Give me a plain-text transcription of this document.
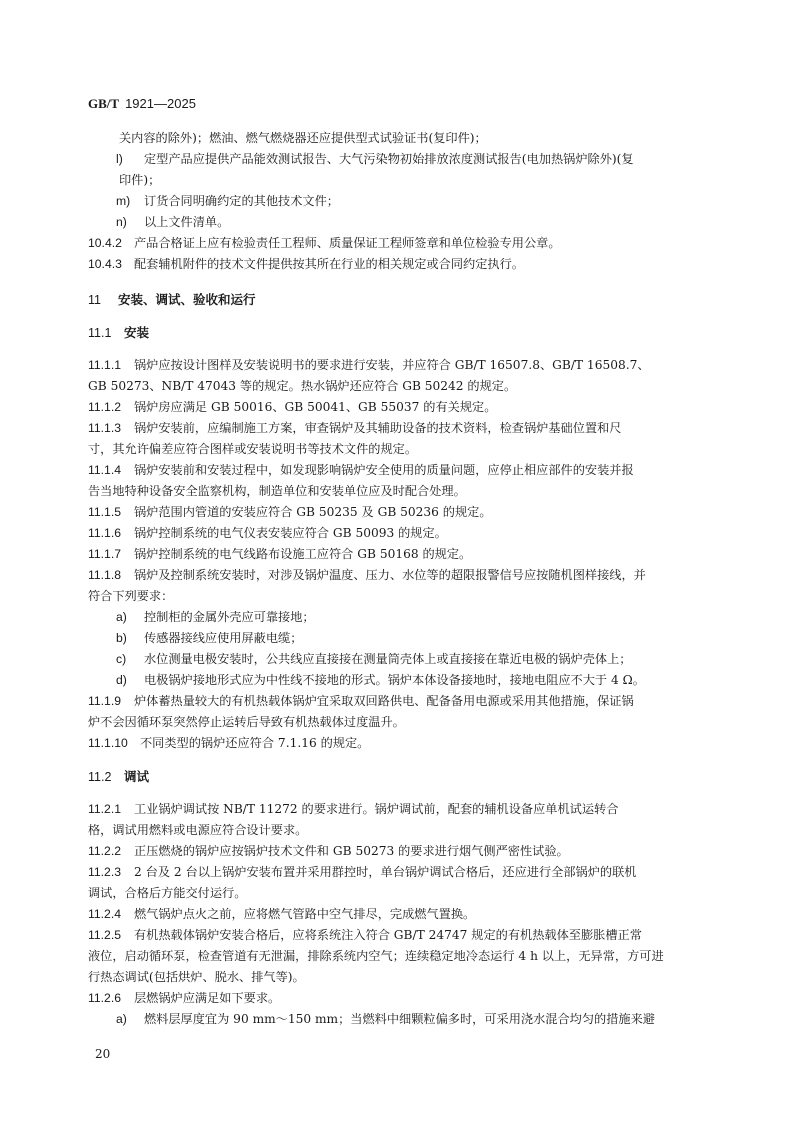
GB/T 1921—2025
关内容的除外)；燃油、燃气燃烧器还应提供型式试验证书(复印件)；
l) 定型产品应提供产品能效测试报告、大气污染物初始排放浓度测试报告(电加热锅炉除外)(复
印件)；
m) 订货合同明确约定的其他技术文件；
n) 以上文件清单。
10.4.2 产品合格证上应有检验责任工程师、质量保证工程师签章和单位检验专用公章。
10.4.3 配套辅机附件的技术文件提供按其所在行业的相关规定或合同约定执行。
11 安装、调试、验收和运行
11.1 安装
11.1.1 锅炉应按设计图样及安装说明书的要求进行安装，并应符合 GB/T 16507.8、GB/T 16508.7、
GB 50273、NB/T 47043 等的规定。热水锅炉还应符合 GB 50242 的规定。
11.1.2 锅炉房应满足 GB 50016、GB 50041、GB 55037 的有关规定。
11.1.3 锅炉安装前，应编制施工方案，审查锅炉及其辅助设备的技术资料，检查锅炉基础位置和尺
寸，其允许偏差应符合图样或安装说明书等技术文件的规定。
11.1.4 锅炉安装前和安装过程中，如发现影响锅炉安全使用的质量问题，应停止相应部件的安装并报
告当地特种设备安全监察机构，制造单位和安装单位应及时配合处理。
11.1.5 锅炉范围内管道的安装应符合 GB 50235 及 GB 50236 的规定。
11.1.6 锅炉控制系统的电气仪表安装应符合 GB 50093 的规定。
11.1.7 锅炉控制系统的电气线路布设施工应符合 GB 50168 的规定。
11.1.8 锅炉及控制系统安装时，对涉及锅炉温度、压力、水位等的超限报警信号应按随机图样接线，并
符合下列要求：
a) 控制柜的金属外壳应可靠接地；
b) 传感器接线应使用屏蔽电缆；
c) 水位测量电极安装时，公共线应直接接在测量筒壳体上或直接接在靠近电极的锅炉壳体上；
d) 电极锅炉接地形式应为中性线不接地的形式。锅炉本体设备接地时，接地电阻应不大于 4 Ω。
11.1.9 炉体蓄热量较大的有机热载体锅炉宜采取双回路供电、配备备用电源或采用其他措施，保证锅
炉不会因循环泵突然停止运转后导致有机热载体过度温升。
11.1.10 不同类型的锅炉还应符合 7.1.16 的规定。
11.2 调试
11.2.1 工业锅炉调试按 NB/T 11272 的要求进行。锅炉调试前，配套的辅机设备应单机试运转合
格，调试用燃料或电源应符合设计要求。
11.2.2 正压燃烧的锅炉应按锅炉技术文件和 GB 50273 的要求进行烟气侧严密性试验。
11.2.3 2 台及 2 台以上锅炉安装布置并采用群控时，单台锅炉调试合格后，还应进行全部锅炉的联机
调试，合格后方能交付运行。
11.2.4 燃气锅炉点火之前，应将燃气管路中空气排尽，完成燃气置换。
11.2.5 有机热载体锅炉安装合格后，应将系统注入符合 GB/T 24747 规定的有机热载体至膨胀槽正常
液位，启动循环泵，检查管道有无泄漏，排除系统内空气；连续稳定地冷态运行 4 h 以上，无异常，方可进
行热态调试(包括烘炉、脱水、排气等)。
11.2.6 层燃锅炉应满足如下要求。
a) 燃料层厚度宜为 90 mm～150 mm；当燃料中细颗粒偏多时，可采用浇水混合均匀的措施来避
20
